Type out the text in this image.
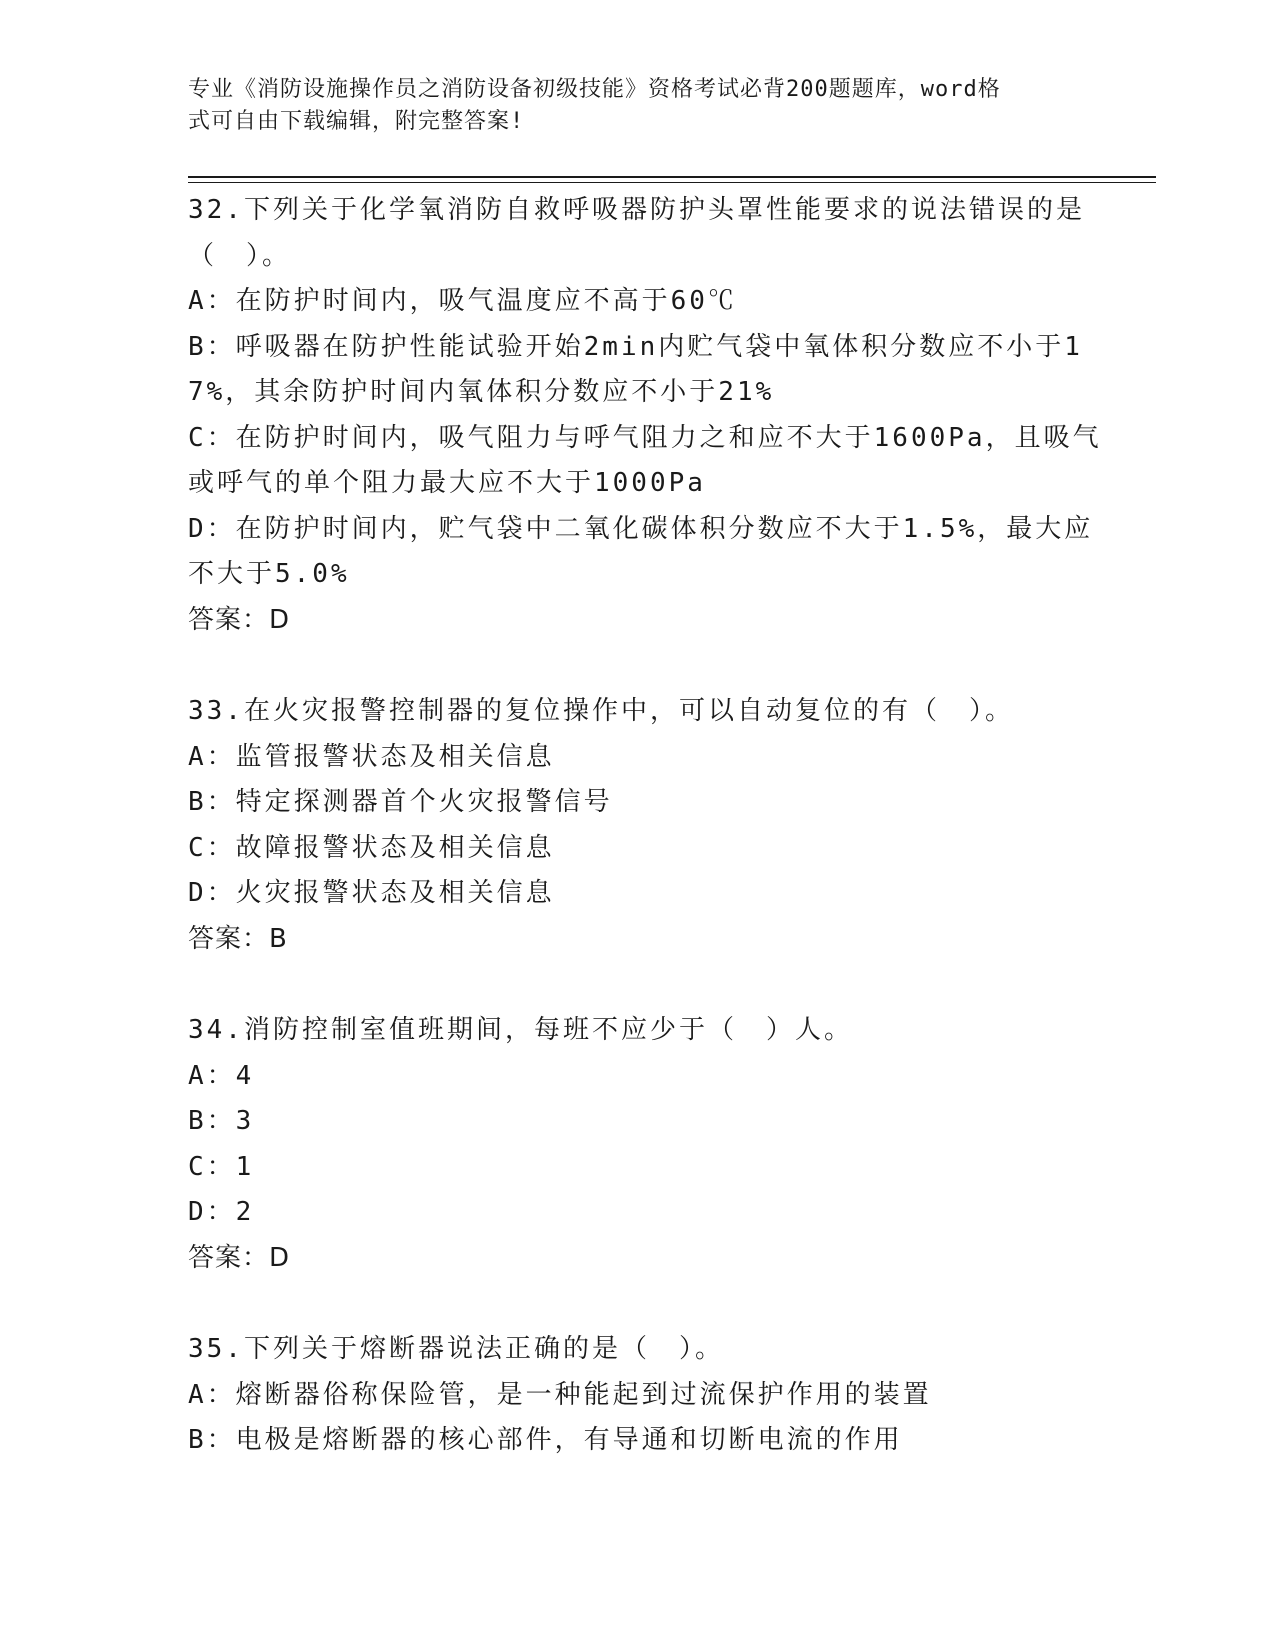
专业《消防设施操作员之消防设备初级技能》资格考试必背200题题库，word格
式可自由下载编辑，附完整答案!
32.下列关于化学氧消防自救呼吸器防护头罩性能要求的说法错误的是（　）。
A：在防护时间内，吸气温度应不高于60℃
B：呼吸器在防护性能试验开始2min内贮气袋中氧体积分数应不小于17%，其余防护时间内氧体积分数应不小于21%
C：在防护时间内，吸气阻力与呼气阻力之和应不大于1600Pa，且吸气或呼气的单个阻力最大应不大于1000Pa
D：在防护时间内，贮气袋中二氧化碳体积分数应不大于1.5%，最大应不大于5.0%
答案：D
33.在火灾报警控制器的复位操作中，可以自动复位的有（　）。
A：监管报警状态及相关信息
B：特定探测器首个火灾报警信号
C：故障报警状态及相关信息
D：火灾报警状态及相关信息
答案：B
34.消防控制室值班期间，每班不应少于（　）人。
A：4
B：3
C：1
D：2
答案：D
35.下列关于熔断器说法正确的是（　）。
A：熔断器俗称保险管，是一种能起到过流保护作用的装置
B：电极是熔断器的核心部件，有导通和切断电流的作用
